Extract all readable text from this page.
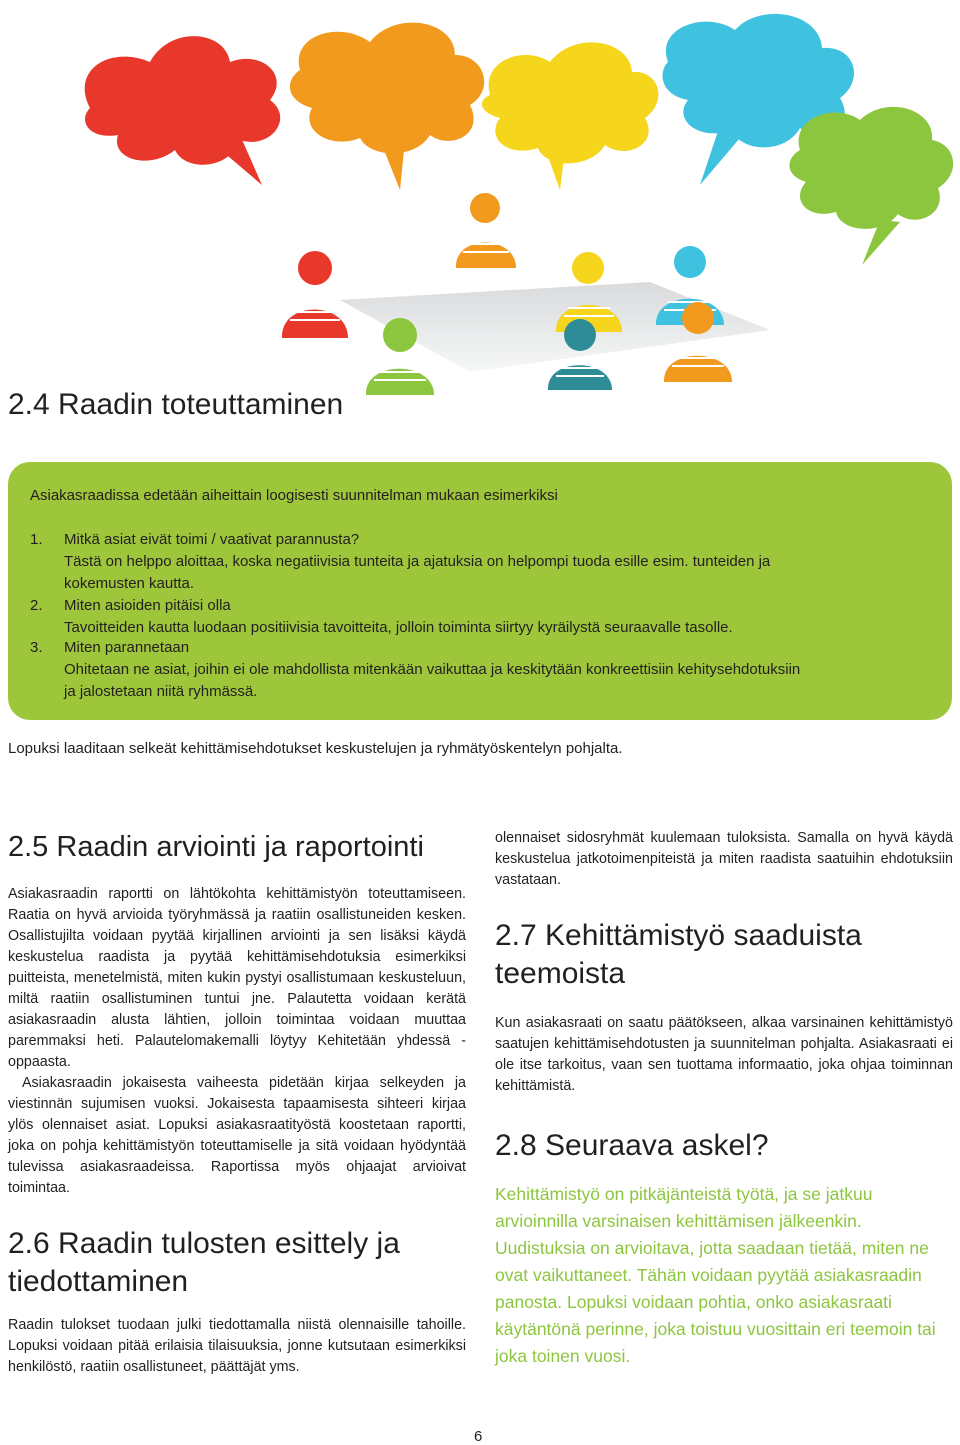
2.4 Raadin toteuttaminen
Asiakasraadissa edetään aiheittain loogisesti suunnitelman mukaan esimerkiksi
1. Mitkä asiat eivät toimi / vaativat parannusta?
Tästä on helppo aloittaa, koska negatiivisia tunteita ja ajatuksia on helpompi tuoda esille esim. tunteiden ja
kokemusten kautta.
2. Miten asioiden pitäisi olla
Tavoitteiden kautta luodaan positiivisia tavoitteita, jolloin toiminta siirtyy kyräilystä seuraavalle tasolle.
3. Miten parannetaan
Ohitetaan ne asiat, joihin ei ole mahdollista mitenkään vaikuttaa ja keskitytään konkreettisiin kehitysehdotuksiin
ja jalostetaan niitä ryhmässä.
Lopuksi laaditaan selkeät kehittämisehdotukset keskustelujen ja ryhmätyöskentelyn pohjalta.
2.5 Raadin arviointi ja raportointi

Asiakasraadin raportti on lähtökohta kehittämistyön toteuttamiseen. Raatia on hyvä arvioida työryhmässä ja raatiin osallistuneiden kesken. Osallistujilta voidaan pyytää kirjallinen arviointi ja sen lisäksi käydä keskustelua raadista ja pyytää kehittämisehdotuksia esimerkiksi puitteista, menetelmistä, miten kukin pystyi osallistumaan keskusteluun, miltä raatiin osallistuminen tuntui jne. Palautetta voidaan kerätä asiakasraadin alusta lähtien, jolloin toimintaa voidaan muuttaa paremmaksi heti. Palautelomakemalli löytyy Kehitetään yhdessä -oppaasta.

Asiakasraadin jokaisesta vaiheesta pidetään kirjaa selkeyden ja viestinnän sujumisen vuoksi. Jokaisesta tapaamisesta sihteeri kirjaa ylös olennaiset asiat. Lopuksi asiakasraatityöstä koostetaan raportti, joka on pohja kehittämistyön toteuttamiselle ja sitä voidaan hyödyntää tulevissa asiakasraadeissa. Raportissa myös ohjaajat arvioivat toimintaa.

2.6 Raadin tulosten esittely ja tiedottaminen

Raadin tulokset tuodaan julki tiedottamalla niistä olennaisille tahoille. Lopuksi voidaan pitää erilaisia tilaisuuksia, jonne kutsutaan esimerkiksi henkilöstö, raatiin osallistuneet, päättäjät yms.

olennaiset sidosryhmät kuulemaan tuloksista. Samalla on hyvä käydä keskustelua jatkotoimenpiteistä ja miten raadista saatuihin ehdotuksiin vastataan.

2.7 Kehittämistyö saaduista teemoista

Kun asiakasraati on saatu päätökseen, alkaa varsinainen kehittämistyö saatujen kehittämisehdotusten ja suunnitelman pohjalta. Asiakasraati ei ole itse tarkoitus, vaan sen tuottama informaatio, joka ohjaa toiminnan kehittämistä.

2.8 Seuraava askel?

Kehittämistyö on pitkäjänteistä työtä, ja se jatkuu arvioinnilla varsinaisen kehittämisen jälkeenkin. Uudistuksia on arvioitava, jotta saadaan tietää, miten ne ovat vaikuttaneet. Tähän voidaan pyytää asiakasraadin panosta. Lopuksi voidaan pohtia, onko asiakasraati käytäntönä perinne, joka toistuu vuosittain eri teemoin tai joka toinen vuosi.

6
